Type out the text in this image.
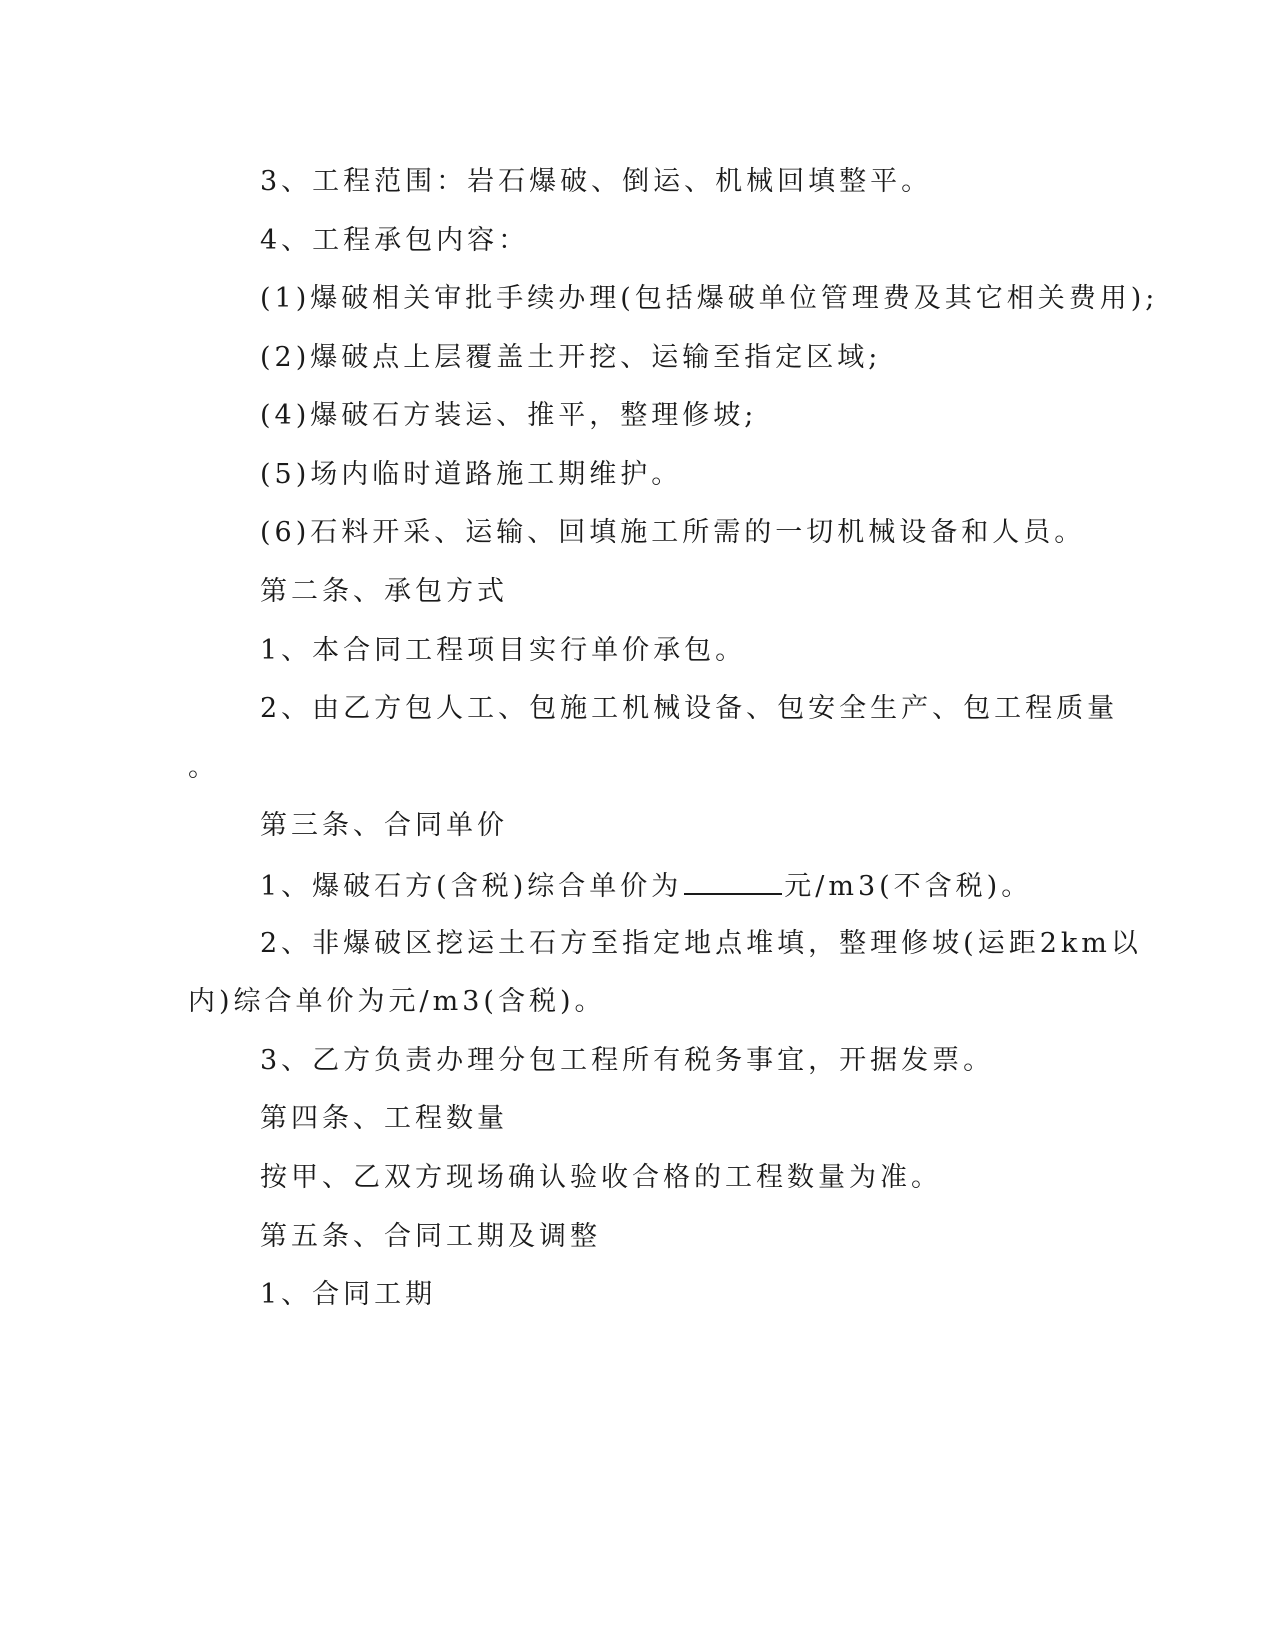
3、工程范围：岩石爆破、倒运、机械回填整平。
4、工程承包内容：
(1)爆破相关审批手续办理(包括爆破单位管理费及其它相关费用);
(2)爆破点上层覆盖土开挖、运输至指定区域;
(4)爆破石方装运、推平，整理修坡;
(5)场内临时道路施工期维护。
(6)石料开采、运输、回填施工所需的一切机械设备和人员。
第二条、承包方式
1、本合同工程项目实行单价承包。
2、由乙方包人工、包施工机械设备、包安全生产、包工程质量
。
第三条、合同单价
1、爆破石方(含税)综合单价为	元/m3(不含税)。
2、非爆破区挖运土石方至指定地点堆填，整理修坡(运距2km以
内)综合单价为元/m3(含税)。
3、乙方负责办理分包工程所有税务事宜，开据发票。
第四条、工程数量
按甲、乙双方现场确认验收合格的工程数量为准。
第五条、合同工期及调整
1、合同工期
